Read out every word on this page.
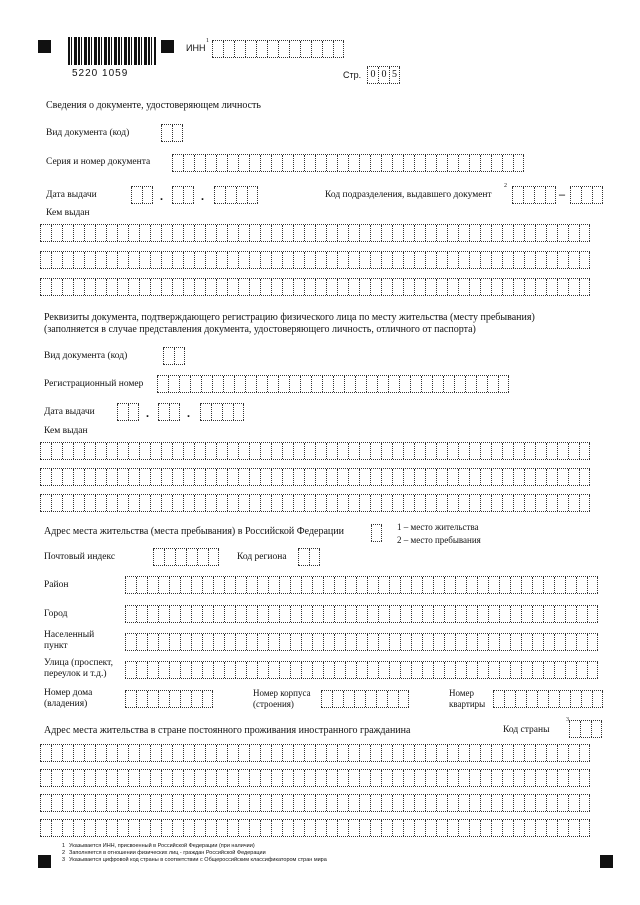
5220 1059
ИНН
1
Стр. 0 0 5
Сведения о документе, удостоверяющем личность
Вид документа (код)
Серия и номер документа
Дата выдачи	.	.	Код подразделения, выдавшего документ
2
–
Кем выдан
Реквизиты документа, подтверждающего регистрацию физического лица по месту жительства (месту пребывания)
(заполняется в случае представления документа, удостоверяющего личность, отличного от паспорта)
Вид документа (код)
Регистрационный номер
Дата выдачи	.	.
Кем выдан
Адрес места жительства (места пребывания) в Российской Федерации	1 – место жительства
2 – место пребывания
Почтовый индекс	Код региона
Район
Город
Населенный
пункт
Улица (проспект,
переулок и т.д.)
Номер дома
(владения)
Номер корпуса
(строения)
Номер
квартиры
Адрес места жительства в стране постоянного проживания иностранного гражданина	Код страны
3
1 Указывается ИНН, присвоенный в Российской Федерации (при наличии)
2 Заполняется в отношении физических лиц - граждан Российской Федерации
3 Указывается цифровой код страны в соответствии с Общероссийским классификатором стран мира
